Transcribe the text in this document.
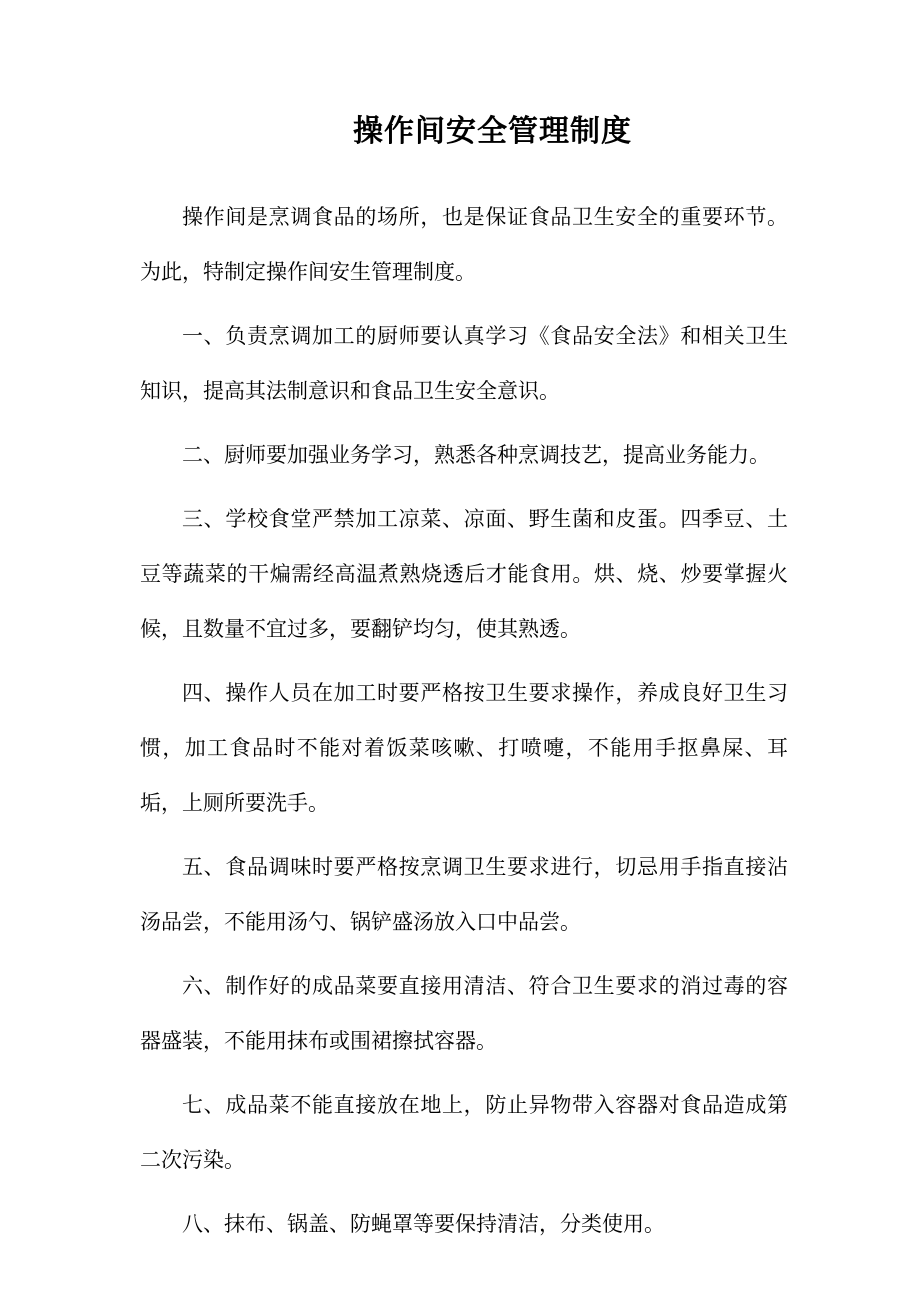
操作间安全管理制度

操作间是烹调食品的场所，也是保证食品卫生安全的重要环节。为此，特制定操作间安生管理制度。

一、负责烹调加工的厨师要认真学习《食品安全法》和相关卫生知识，提高其法制意识和食品卫生安全意识。

二、厨师要加强业务学习，熟悉各种烹调技艺，提高业务能力。

三、学校食堂严禁加工凉菜、凉面、野生菌和皮蛋。四季豆、土豆等蔬菜的干煸需经高温煮熟烧透后才能食用。烘、烧、炒要掌握火候，且数量不宜过多，要翻铲均匀，使其熟透。

四、操作人员在加工时要严格按卫生要求操作，养成良好卫生习惯，加工食品时不能对着饭菜咳嗽、打喷嚏，不能用手抠鼻屎、耳垢，上厕所要洗手。

五、食品调味时要严格按烹调卫生要求进行，切忌用手指直接沾汤品尝，不能用汤勺、锅铲盛汤放入口中品尝。

六、制作好的成品菜要直接用清洁、符合卫生要求的消过毒的容器盛装，不能用抹布或围裙擦拭容器。

七、成品菜不能直接放在地上，防止异物带入容器对食品造成第二次污染。

八、抹布、锅盖、防蝇罩等要保持清洁，分类使用。
